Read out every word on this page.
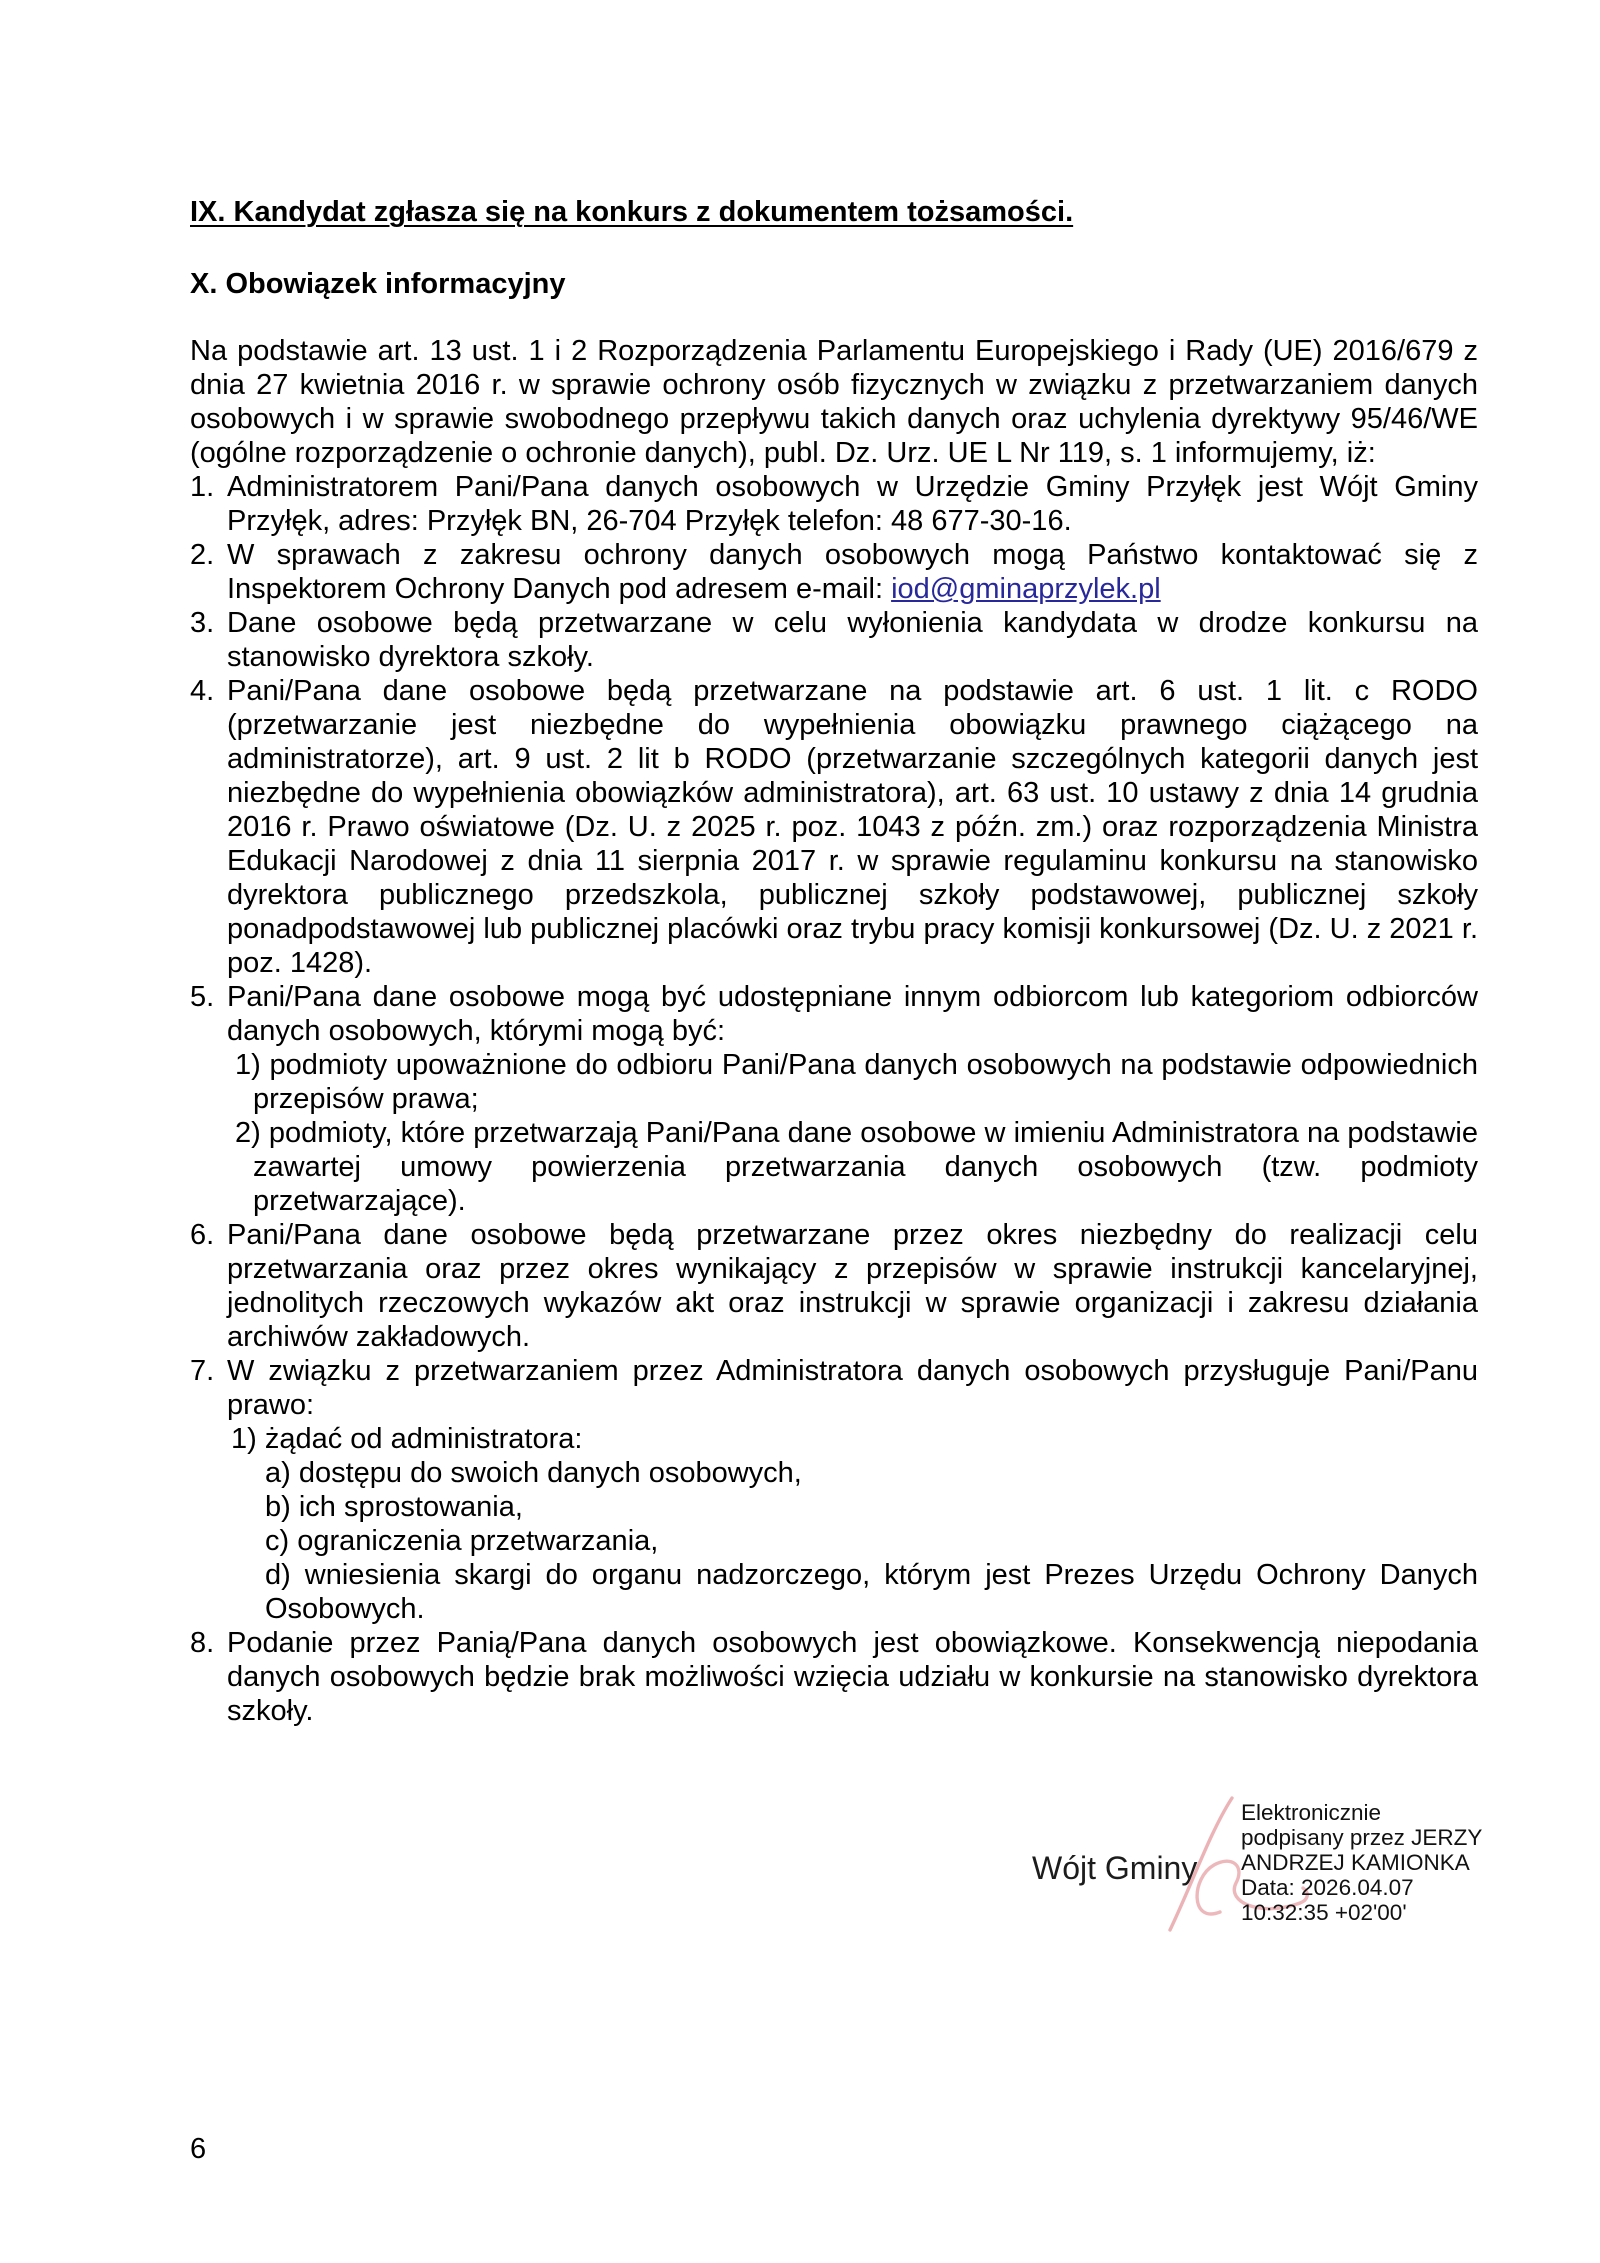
IX. Kandydat zgłasza się na konkurs z dokumentem tożsamości.
X. Obowiązek informacyjny

Na podstawie art. 13 ust. 1 i 2 Rozporządzenia Parlamentu Europejskiego i Rady (UE) 2016/679 z dnia 27 kwietnia 2016 r. w sprawie ochrony osób fizycznych w związku z przetwarzaniem danych osobowych i w sprawie swobodnego przepływu takich danych oraz uchylenia dyrektywy 95/46/WE (ogólne rozporządzenie o ochronie danych), publ. Dz. Urz. UE L Nr 119, s. 1 informujemy, iż:

1. Administratorem Pani/Pana danych osobowych w Urzędzie Gminy Przyłęk jest Wójt Gminy Przyłęk, adres: Przyłęk BN, 26-704 Przyłęk telefon: 48 677-30-16.
2. W sprawach z zakresu ochrony danych osobowych mogą Państwo kontaktować się z Inspektorem Ochrony Danych pod adresem e-mail: iod@gminaprzylek.pl
3. Dane osobowe będą przetwarzane w celu wyłonienia kandydata w drodze konkursu na stanowisko dyrektora szkoły.
4. Pani/Pana dane osobowe będą przetwarzane na podstawie art. 6 ust. 1 lit. c RODO (przetwarzanie jest niezbędne do wypełnienia obowiązku prawnego ciążącego na administratorze), art. 9 ust. 2 lit b RODO (przetwarzanie szczególnych kategorii danych jest niezbędne do wypełnienia obowiązków administratora), art. 63 ust. 10 ustawy z dnia 14 grudnia 2016 r. Prawo oświatowe (Dz. U. z 2025 r. poz. 1043 z późn. zm.) oraz rozporządzenia Ministra Edukacji Narodowej z dnia 11 sierpnia 2017 r. w sprawie regulaminu konkursu na stanowisko dyrektora publicznego przedszkola, publicznej szkoły podstawowej, publicznej szkoły ponadpodstawowej lub publicznej placówki oraz trybu pracy komisji konkursowej (Dz. U. z 2021 r. poz. 1428).
5. Pani/Pana dane osobowe mogą być udostępniane innym odbiorcom lub kategoriom odbiorców danych osobowych, którymi mogą być:
1) podmioty upoważnione do odbioru Pani/Pana danych osobowych na podstawie odpowiednich przepisów prawa;
2) podmioty, które przetwarzają Pani/Pana dane osobowe w imieniu Administratora na podstawie zawartej umowy powierzenia przetwarzania danych osobowych (tzw. podmioty przetwarzające).
6. Pani/Pana dane osobowe będą przetwarzane przez okres niezbędny do realizacji celu przetwarzania oraz przez okres wynikający z przepisów w sprawie instrukcji kancelaryjnej, jednolitych rzeczowych wykazów akt oraz instrukcji w sprawie organizacji i zakresu działania archiwów zakładowych.
7. W związku z przetwarzaniem przez Administratora danych osobowych przysługuje Pani/Panu prawo:
1) żądać od administratora:
a) dostępu do swoich danych osobowych,
b) ich sprostowania,
c) ograniczenia przetwarzania,
d) wniesienia skargi do organu nadzorczego, którym jest Prezes Urzędu Ochrony Danych Osobowych.
8. Podanie przez Panią/Pana danych osobowych jest obowiązkowe. Konsekwencją niepodania danych osobowych będzie brak możliwości wzięcia udziału w konkursie na stanowisko dyrektora szkoły.
Wójt Gminy
Elektronicznie
podpisany przez JERZY
ANDRZEJ KAMIONKA
Data: 2026.04.07
10:32:35 +02'00'
6
